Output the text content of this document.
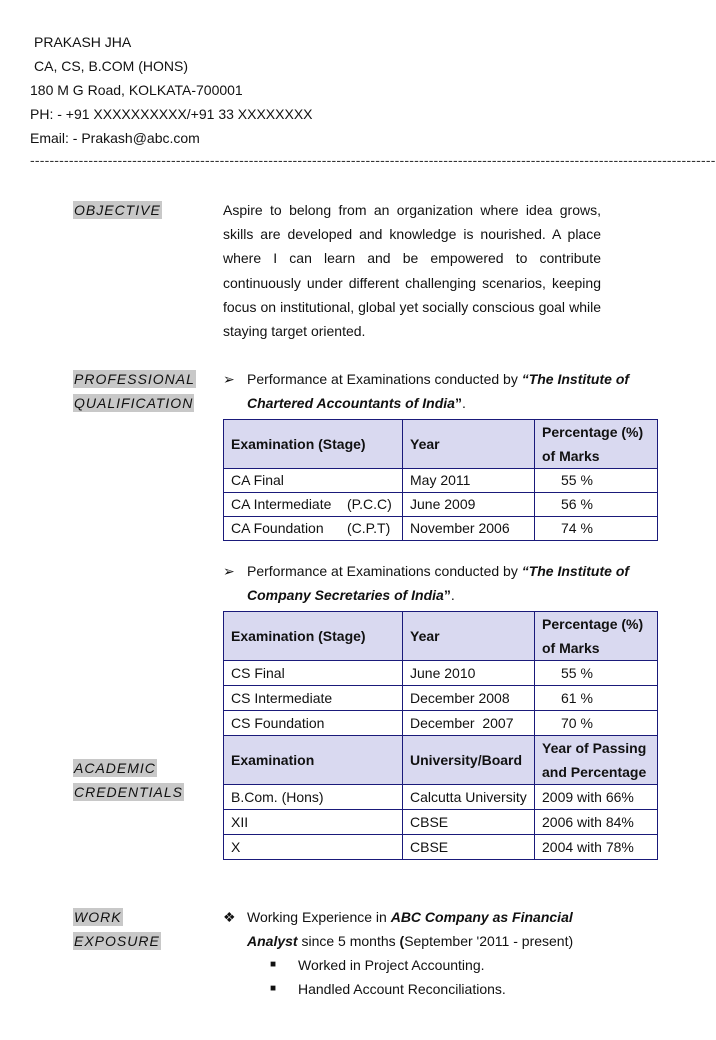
PRAKASH JHA
CA, CS, B.COM (HONS)
180 M G Road, KOLKATA-700001
PH: - +91 XXXXXXXXXX/+91 33 XXXXXXXX
Email: - Prakash@abc.com
---------------------------------------------------------------------------------------------------------------------------------------------
OBJECTIVE	Aspire to belong from an organization where idea grows, skills are developed and knowledge is nourished. A place where I can learn and be empowered to contribute continuously under different challenging scenarios, keeping focus on institutional, global yet socially conscious goal while staying target oriented.
PROFESSIONAL
QUALIFICATION
➢ Performance at Examinations conducted by “The Institute of
Chartered Accountants of India”.
Examination (Stage)	Year	Percentage (%)
of Marks
CA Final	May 2011	55 %
CA Intermediate    (P.C.C)	June 2009	56 %
CA Foundation      (C.P.T)	November 2006	74 %
➢ Performance at Examinations conducted by “The Institute of
Company Secretaries of India”.
Examination (Stage)	Year	Percentage (%)
of Marks
CS Final	June 2010	55 %
CS Intermediate	December 2008	61 %
CS Foundation	December  2007	70 %
ACADEMIC
CREDENTIALS
Examination	University/Board	Year of Passing
and Percentage
B.Com. (Hons)	Calcutta University	2009 with 66%
XII	CBSE	2006 with 84%
X	CBSE	2004 with 78%
WORK
EXPOSURE
❖ Working Experience in ABC Company as Financial
Analyst since 5 months (September '2011 - present)
■ Worked in Project Accounting.
■ Handled Account Reconciliations.
